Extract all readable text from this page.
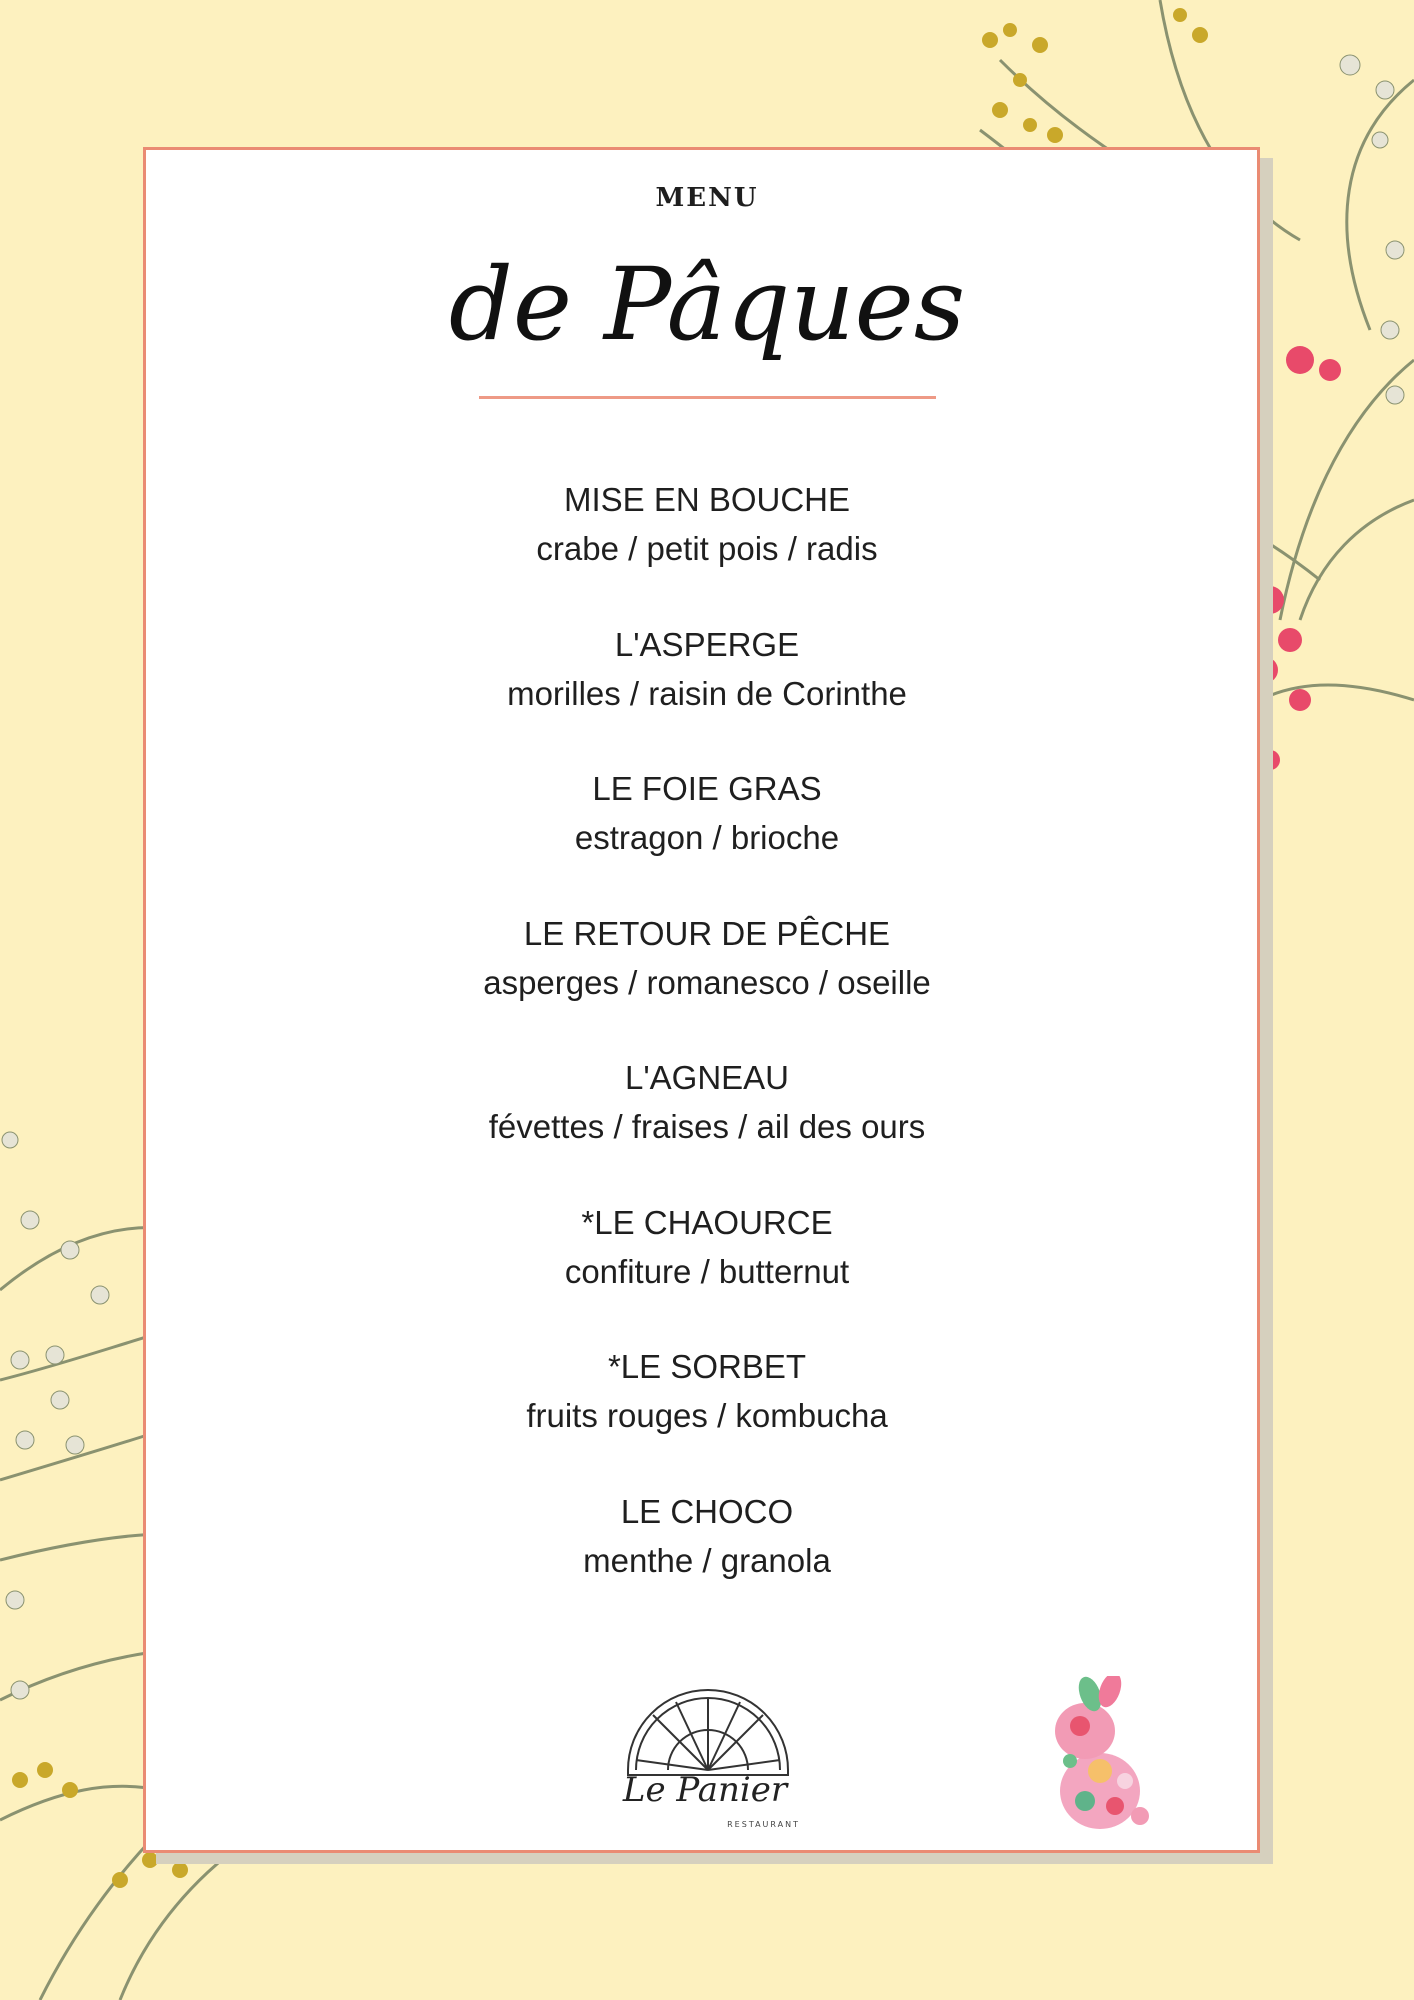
MENU
de Pâques
MISE EN BOUCHE
crabe / petit pois / radis
L'ASPERGE
morilles / raisin de Corinthe
LE FOIE GRAS
estragon / brioche
LE RETOUR DE PÊCHE
asperges / romanesco / oseille
L'AGNEAU
févettes / fraises / ail des ours
*LE CHAOURCE
confiture / butternut
*LE SORBET
fruits rouges / kombucha
LE CHOCO
menthe / granola
Le Panier
RESTAURANT
